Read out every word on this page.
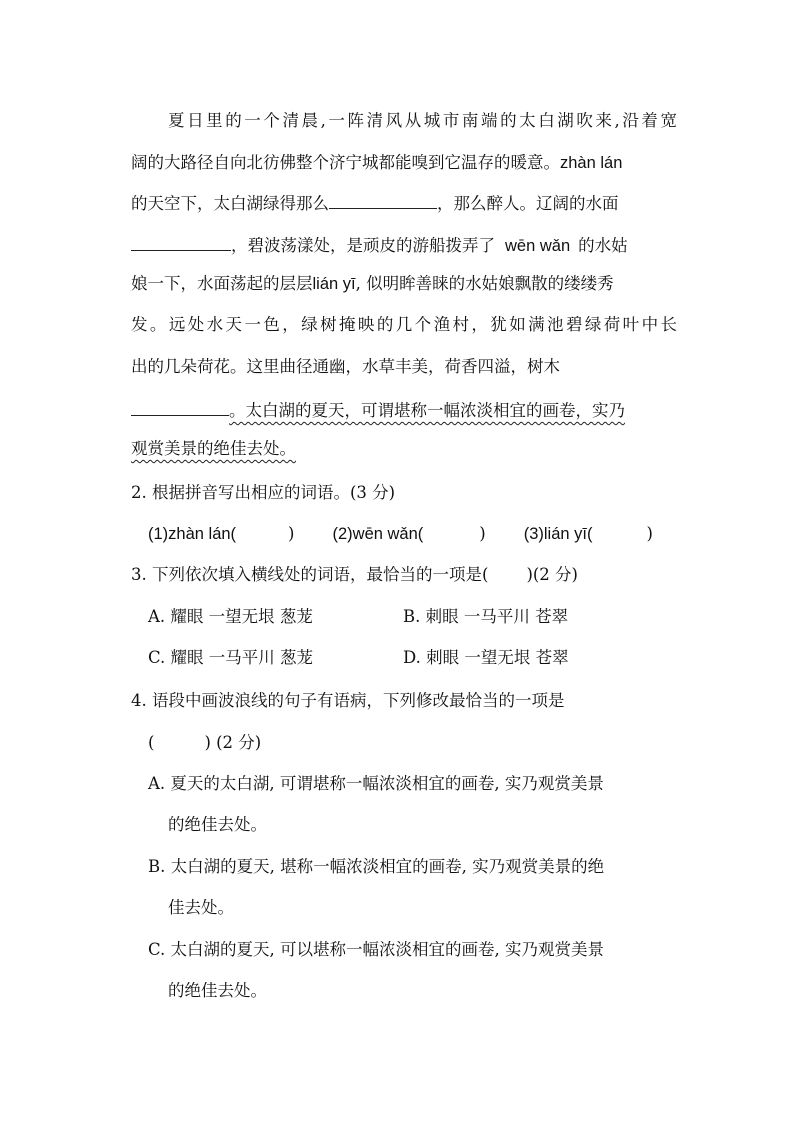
夏日里的一个清晨,一阵清风从城市南端的太白湖吹来,沿着宽
阔的大路径自向北彷佛整个济宁城都能嗅到它温存的暖意。zhàn lán
的天空下，太白湖绿得那么	，那么醉人。辽阔的水面
，碧波荡漾处，是顽皮的游船拨弄了 wēn wǎn 的水姑
娘一下，水面荡起的层层lián yī, 似明眸善睐的水姑娘飘散的缕缕秀
发。远处水天一色，绿树掩映的几个渔村，犹如满池碧绿荷叶中长
出的几朵荷花。这里曲径通幽，水草丰美，荷香四溢，树木
。太白湖的夏天，可谓堪称一幅浓淡相宜的画卷，实乃
观赏美景的绝佳去处。
2. 根据拼音写出相应的词语。(3 分)
(1)zhàn lán(	) (2)wēn wǎn(	) (3)lián yī(	)
3. 下列依次填入横线处的词语，最恰当的一项是( )(2 分)
A. 耀眼 一望无垠 葱茏	B. 刺眼 一马平川 苍翠
C. 耀眼 一马平川 葱茏	D. 刺眼 一望无垠 苍翠
4. 语段中画波浪线的句子有语病，下列修改最恰当的一项是
(	) (2 分)
A. 夏天的太白湖, 可谓堪称一幅浓淡相宜的画卷, 实乃观赏美景
的绝佳去处。
B. 太白湖的夏天, 堪称一幅浓淡相宜的画卷, 实乃观赏美景的绝
佳去处。
C. 太白湖的夏天, 可以堪称一幅浓淡相宜的画卷, 实乃观赏美景
的绝佳去处。
